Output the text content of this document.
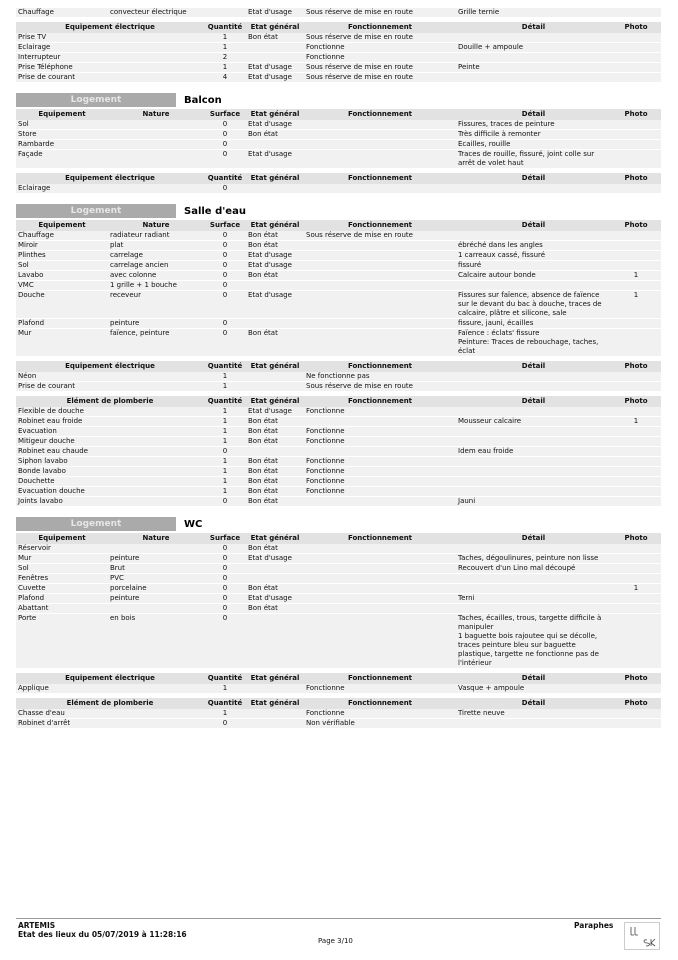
Chauffage	convecteur électrique		Etat d'usage	Sous réserve de mise en route	Grille ternie	
Equipement électrique	Quantité	Etat général	Fonctionnement	Détail	Photo
Prise TV	1	Bon état	Sous réserve de mise en route		
Eclairage	1		Fonctionne	Douille + ampoule	
Interrupteur	2		Fonctionne		
Prise Téléphone	1	Etat d'usage	Sous réserve de mise en route	Peinte	
Prise de courant	4	Etat d'usage	Sous réserve de mise en route		
Logement	Balcon
Equipement	Nature	Surface	Etat général	Fonctionnement	Détail	Photo
Sol		0	Etat d'usage		Fissures, traces de peinture	
Store		0	Bon état		Très difficile à remonter	
Rambarde		0			Écailles, rouille	
Façade		0	Etat d'usage		Traces de rouille, fissuré, joint colle sur arrêt de volet haut	
Equipement électrique	Quantité	Etat général	Fonctionnement	Détail	Photo
Eclairage	0				
Logement	Salle d'eau
Equipement	Nature	Surface	Etat général	Fonctionnement	Détail	Photo
Chauffage	radiateur radiant	0	Bon état	Sous réserve de mise en route		
Miroir	plat	0	Bon état		ébréché dans les angles	
Plinthes	carrelage	0	Etat d'usage		1 carreaux cassé, fissuré	
Sol	carrelage ancien	0	Etat d'usage		fissuré	
Lavabo	avec colonne	0	Bon état		Calcaire autour bonde	1
VMC	1 grille + 1 bouche	0				
Douche	receveur	0	Etat d'usage		Fissures sur faïence, absence de faïence sur le devant du bac à douche, traces de calcaire, plâtre et silicone, sale	1
Plafond	peinture	0			fissure, jauni, écailles	
Mur	faïence, peinture	0	Bon état		Faïence : éclats' fissure
Peinture: Traces de rebouchage, taches, éclat	
Equipement électrique	Quantité	Etat général	Fonctionnement	Détail	Photo
Néon	1		Ne fonctionne pas		
Prise de courant	1		Sous réserve de mise en route		
Elément de plomberie	Quantité	Etat général	Fonctionnement	Détail	Photo
Flexible de douche	1	Etat d'usage	Fonctionne		
Robinet eau froide	1	Bon état		Mousseur calcaire	1
Evacuation	1	Bon état	Fonctionne		
Mitigeur douche	1	Bon état	Fonctionne		
Robinet eau chaude	0			Idem eau froide	
Siphon lavabo	1	Bon état	Fonctionne		
Bonde lavabo	1	Bon état	Fonctionne		
Douchette	1	Bon état	Fonctionne		
Evacuation douche	1	Bon état	Fonctionne		
Joints lavabo	0	Bon état		Jauni	
Logement	WC
Equipement	Nature	Surface	Etat général	Fonctionnement	Détail	Photo
Réservoir		0	Bon état			
Mur	peinture	0	Etat d'usage		Taches, dégoulinures, peinture non lisse	
Sol	Brut	0			Recouvert d'un Lino mal découpé	
Fenêtres	PVC	0				
Cuvette	porcelaine	0	Bon état			1
Plafond	peinture	0	Etat d'usage		Terni	
Abattant		0	Bon état			
Porte	en bois	0			Taches, écailles, trous, targette difficile à manipuler
1 baguette bois rajoutee qui se décolle, traces peinture bleu sur baguette plastique, targette ne fonctionne pas de l'intérieur	
Equipement électrique	Quantité	Etat général	Fonctionnement	Détail	Photo
Applique	1		Fonctionne	Vasque + ampoule	
Elément de plomberie	Quantité	Etat général	Fonctionnement	Détail	Photo
Chasse d'eau	1		Fonctionne	Tirette neuve	
Robinet d'arrêt	0		Non vérifiable		
ARTEMIS
Etat des lieux du 05/07/2019 à 11:28:16
Page 3/10
Paraphes
